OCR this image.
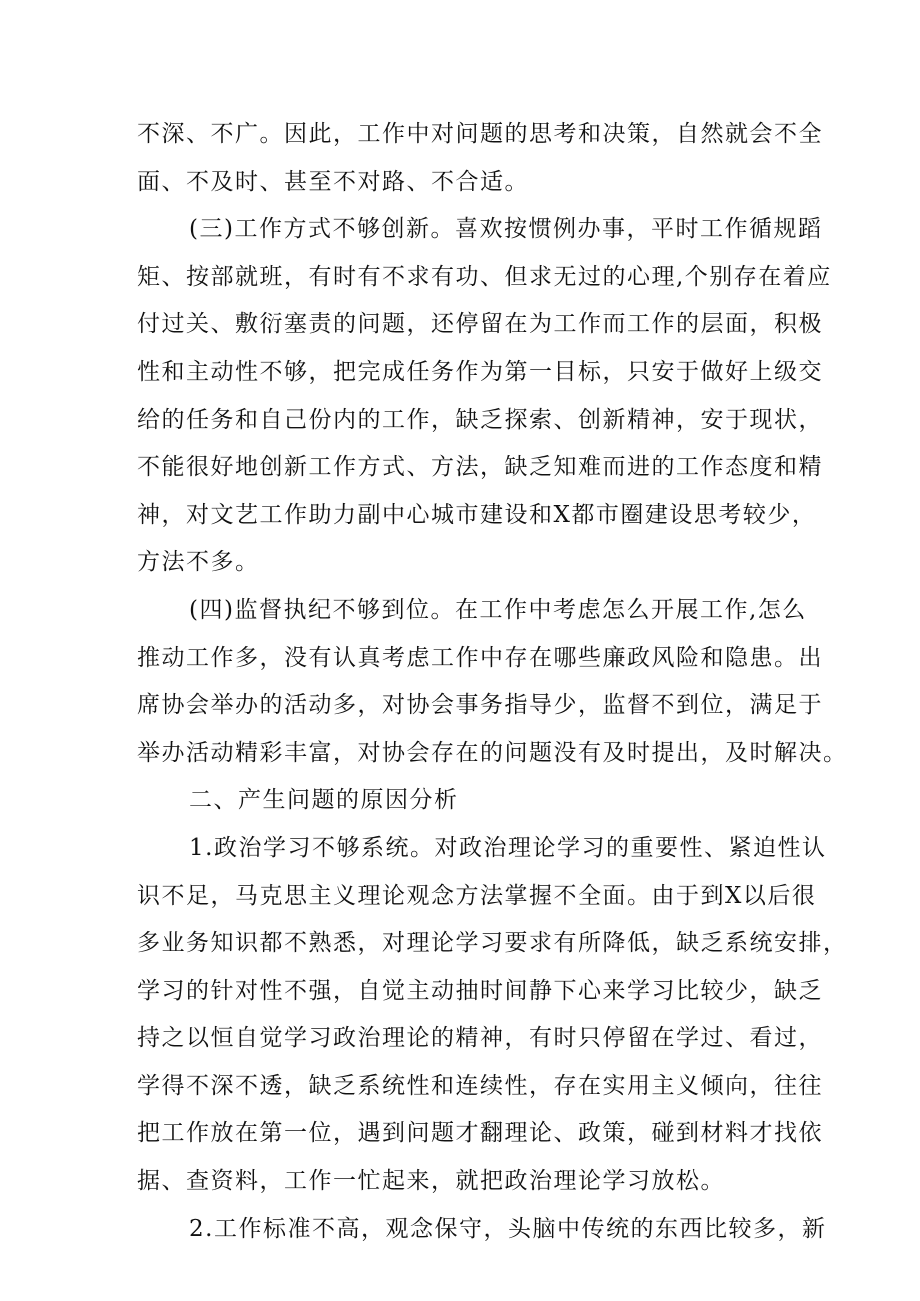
不深、不广。因此，工作中对问题的思考和决策，自然就会不全
面、不及时、甚至不对路、不合适。
(三)工作方式不够创新。喜欢按惯例办事，平时工作循规蹈
矩、按部就班，有时有不求有功、但求无过的心理,个别存在着应
付过关、敷衍塞责的问题，还停留在为工作而工作的层面，积极
性和主动性不够，把完成任务作为第一目标，只安于做好上级交
给的任务和自己份内的工作，缺乏探索、创新精神，安于现状，
不能很好地创新工作方式、方法，缺乏知难而进的工作态度和精
神，对文艺工作助力副中心城市建设和X都市圈建设思考较少，
方法不多。
(四)监督执纪不够到位。在工作中考虑怎么开展工作,怎么
推动工作多，没有认真考虑工作中存在哪些廉政风险和隐患。出
席协会举办的活动多，对协会事务指导少，监督不到位，满足于
举办活动精彩丰富，对协会存在的问题没有及时提出，及时解决。
二、产生问题的原因分析
1.政治学习不够系统。对政治理论学习的重要性、紧迫性认
识不足，马克思主义理论观念方法掌握不全面。由于到X以后很
多业务知识都不熟悉，对理论学习要求有所降低，缺乏系统安排，
学习的针对性不强，自觉主动抽时间静下心来学习比较少，缺乏
持之以恒自觉学习政治理论的精神，有时只停留在学过、看过，
学得不深不透，缺乏系统性和连续性，存在实用主义倾向，往往
把工作放在第一位，遇到问题才翻理论、政策，碰到材料才找依
据、查资料，工作一忙起来，就把政治理论学习放松。
2.工作标准不高，观念保守，头脑中传统的东西比较多，新
